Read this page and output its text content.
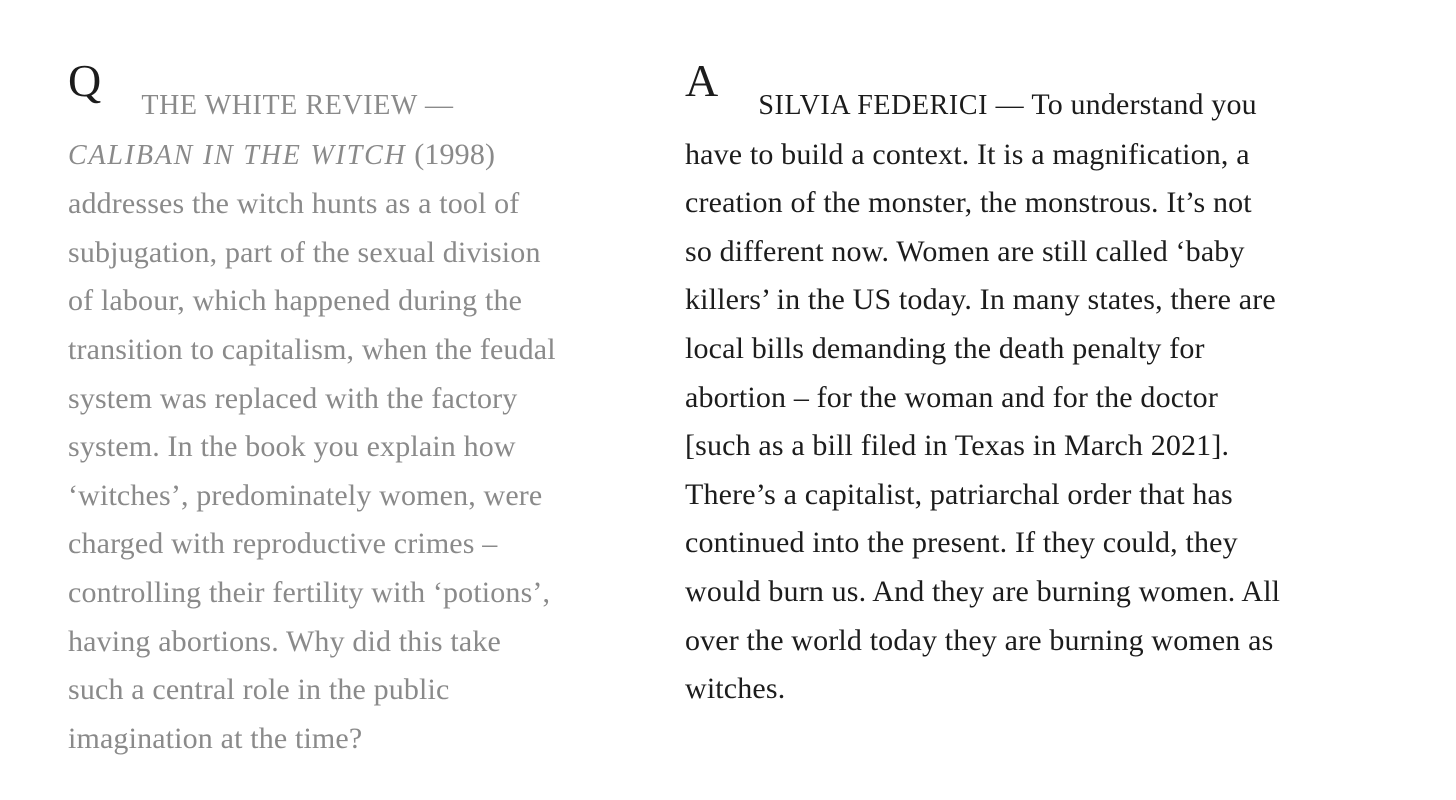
Q THE WHITE REVIEW —
CALIBAN IN THE WITCH (1998)
addresses the witch hunts as a tool of
subjugation, part of the sexual division
of labour, which happened during the
transition to capitalism, when the feudal
system was replaced with the factory
system. In the book you explain how
‘witches’, predominately women, were
charged with reproductive crimes –
controlling their fertility with ‘potions’,
having abortions. Why did this take
such a central role in the public
imagination at the time?
A SILVIA FEDERICI — To understand you
have to build a context. It is a magnification, a
creation of the monster, the monstrous. It’s not
so different now. Women are still called ‘baby
killers’ in the US today. In many states, there are
local bills demanding the death penalty for
abortion – for the woman and for the doctor
[such as a bill filed in Texas in March 2021].
There’s a capitalist, patriarchal order that has
continued into the present. If they could, they
would burn us. And they are burning women. All
over the world today they are burning women as
witches.
